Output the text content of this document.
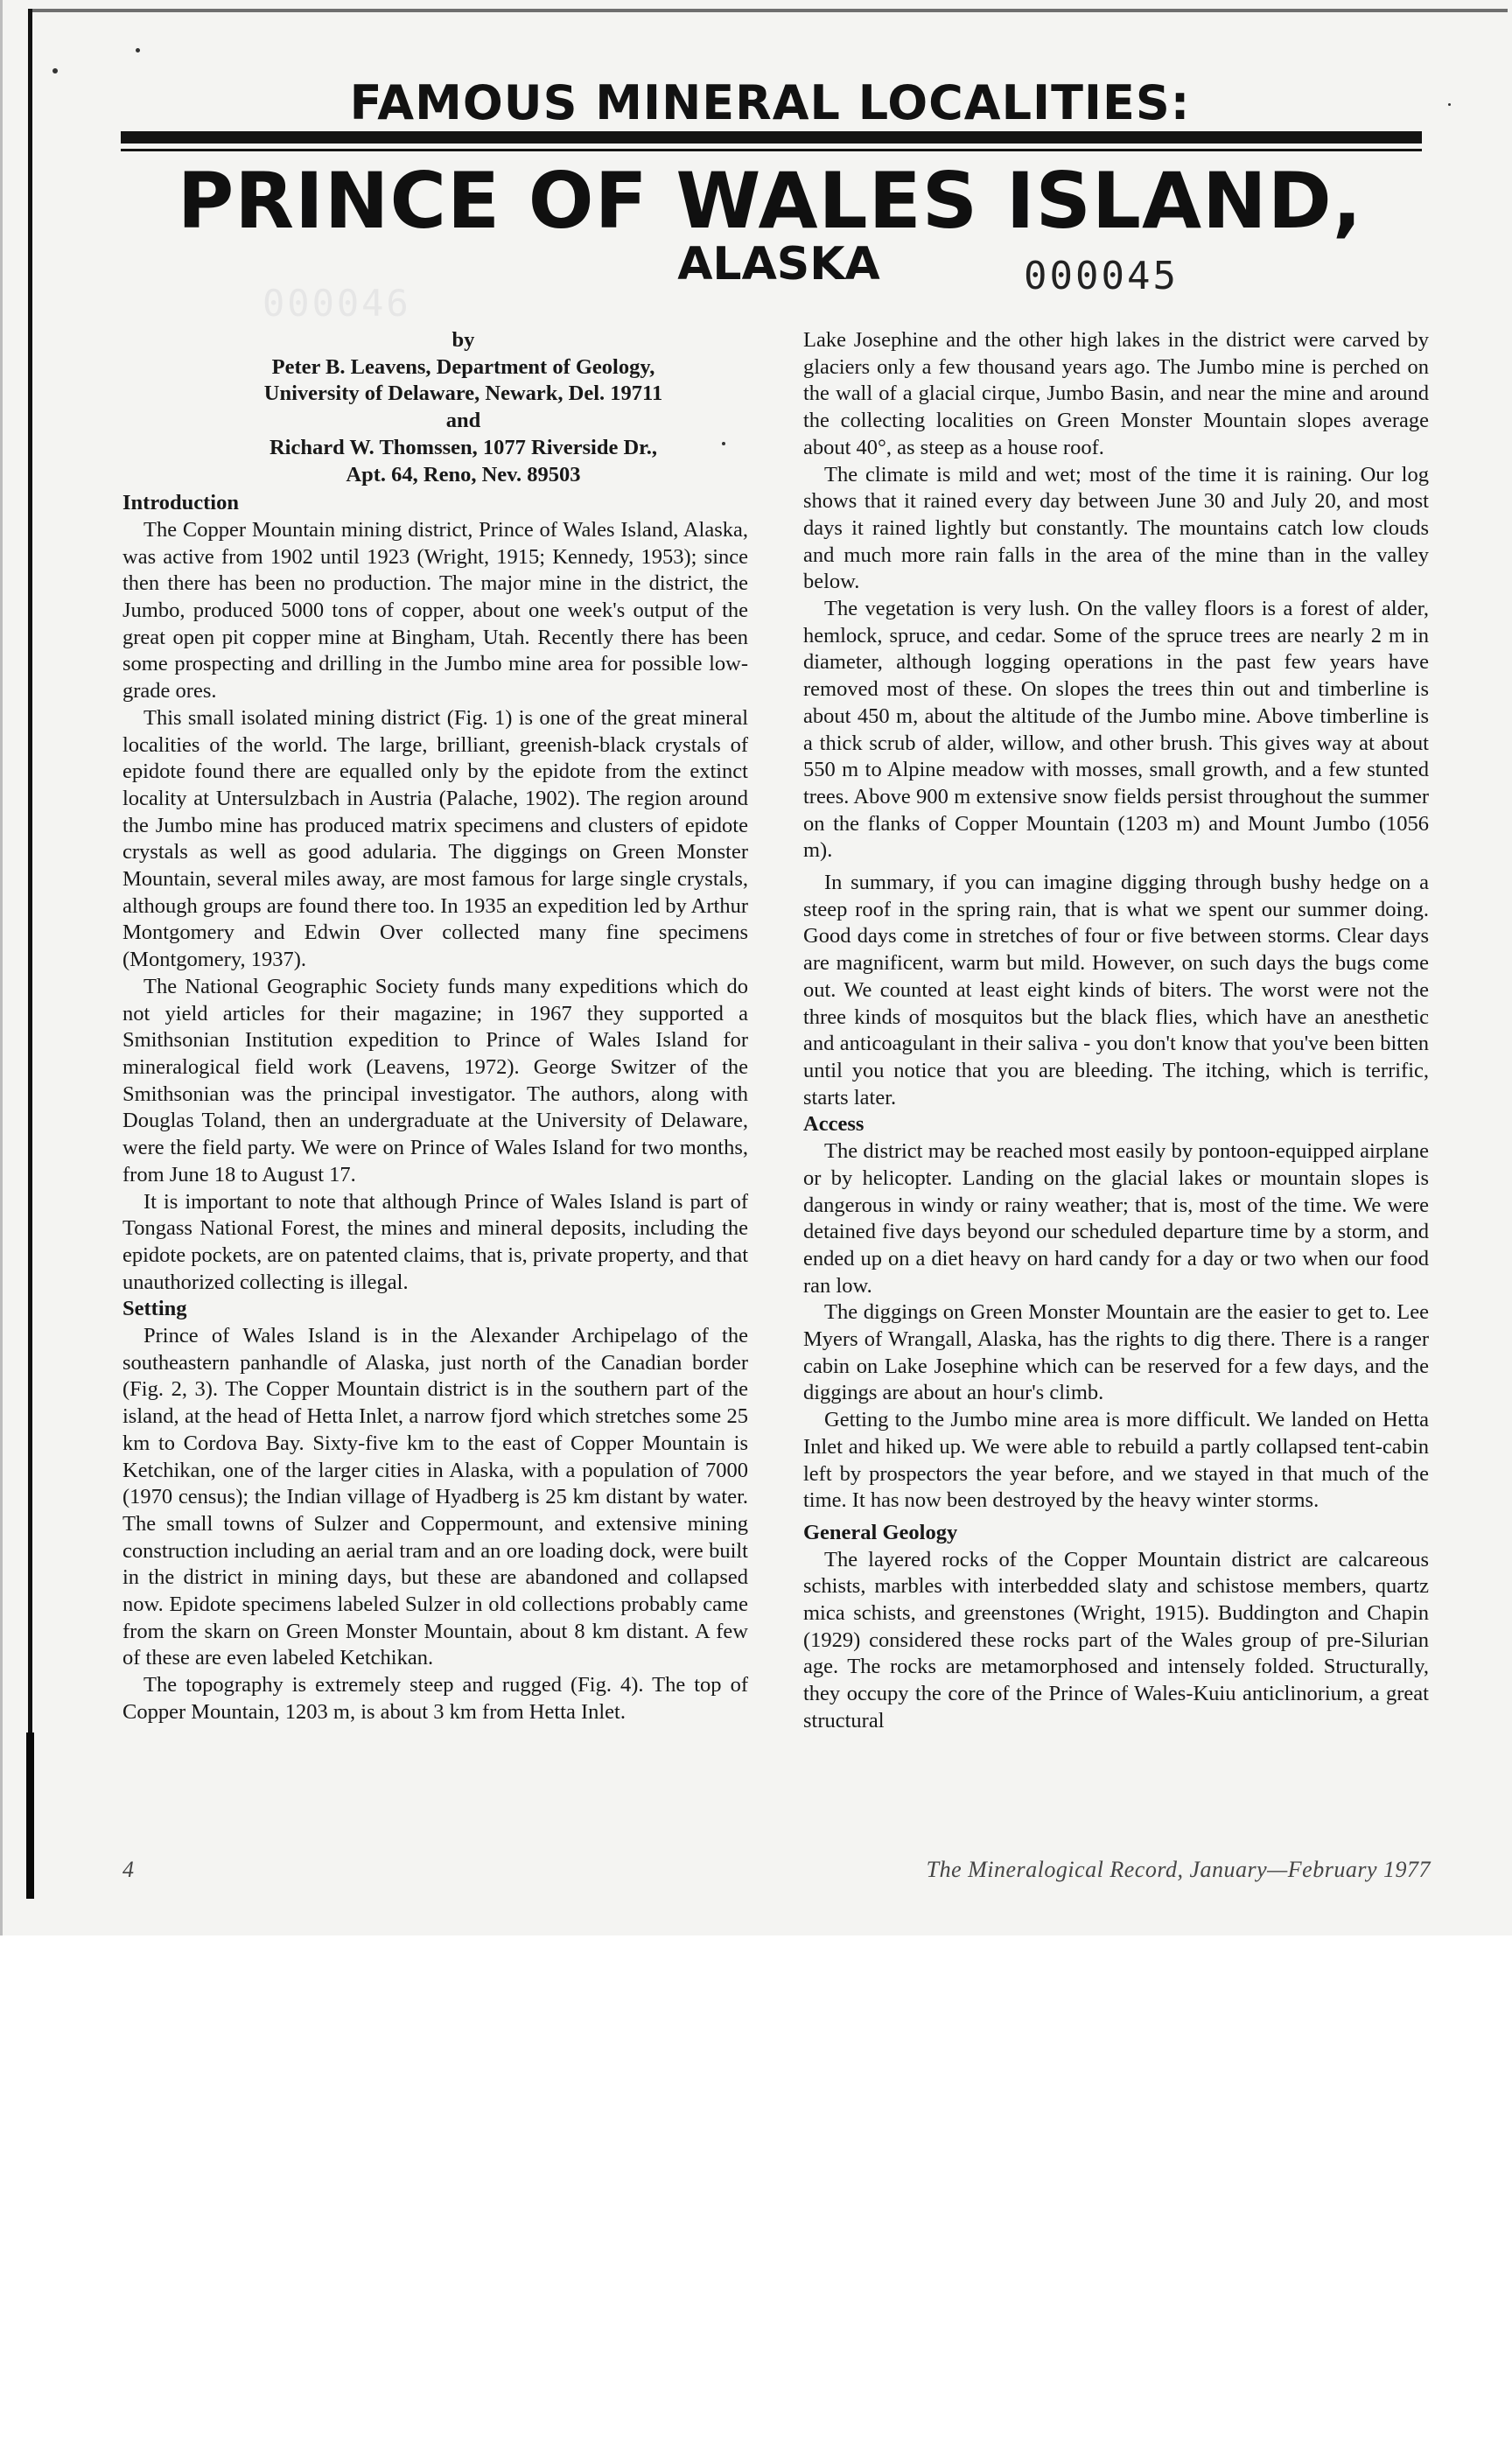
FAMOUS MINERAL LOCALITIES:
PRINCE OF WALES ISLAND,
ALASKA	000045
000046

by

Peter B. Leavens, Department of Geology,

University of Delaware, Newark, Del. 19711

and

Richard W. Thomssen, 1077 Riverside Dr.,

Apt. 64, Reno, Nev. 89503

Introduction

The Copper Mountain mining district, Prince of Wales Island, Alaska, was active from 1902 until 1923 (Wright, 1915; Kennedy, 1953); since then there has been no production. The major mine in the district, the Jumbo, produced 5000 tons of copper, about one week's output of the great open pit copper mine at Bingham, Utah. Recently there has been some prospecting and drilling in the Jumbo mine area for possible low-grade ores.

This small isolated mining district (Fig. 1) is one of the great mineral localities of the world. The large, brilliant, greenish-black crystals of epidote found there are equalled only by the epidote from the extinct locality at Untersulzbach in Austria (Palache, 1902). The region around the Jumbo mine has produced matrix specimens and clusters of epidote crystals as well as good adularia. The diggings on Green Monster Mountain, several miles away, are most famous for large single crystals, although groups are found there too. In 1935 an expedition led by Arthur Montgomery and Edwin Over collected many fine specimens (Montgomery, 1937).

The National Geographic Society funds many expeditions which do not yield articles for their magazine; in 1967 they supported a Smithsonian Institution expedition to Prince of Wales Island for mineralogical field work (Leavens, 1972). George Switzer of the Smithsonian was the principal investigator. The authors, along with Douglas Toland, then an undergraduate at the University of Delaware, were the field party. We were on Prince of Wales Island for two months, from June 18 to August 17.

It is important to note that although Prince of Wales Island is part of Tongass National Forest, the mines and mineral deposits, including the epidote pockets, are on patented claims, that is, private property, and that unauthorized collecting is illegal.

Setting

Prince of Wales Island is in the Alexander Archipelago of the southeastern panhandle of Alaska, just north of the Canadian border (Fig. 2, 3). The Copper Mountain district is in the southern part of the island, at the head of Hetta Inlet, a narrow fjord which stretches some 25 km to Cordova Bay. Sixty-five km to the east of Copper Mountain is Ketchikan, one of the larger cities in Alaska, with a population of 7000 (1970 census); the Indian village of Hyadberg is 25 km distant by water. The small towns of Sulzer and Coppermount, and extensive mining construction including an aerial tram and an ore loading dock, were built in the district in mining days, but these are abandoned and collapsed now. Epidote specimens labeled Sulzer in old collections probably came from the skarn on Green Monster Mountain, about 8 km distant. A few of these are even labeled Ketchikan.

The topography is extremely steep and rugged (Fig. 4). The top of Copper Mountain, 1203 m, is about 3 km from Hetta Inlet.

Lake Josephine and the other high lakes in the district were carved by glaciers only a few thousand years ago. The Jumbo mine is perched on the wall of a glacial cirque, Jumbo Basin, and near the mine and around the collecting localities on Green Monster Mountain slopes average about 40°, as steep as a house roof.

The climate is mild and wet; most of the time it is raining. Our log shows that it rained every day between June 30 and July 20, and most days it rained lightly but constantly. The mountains catch low clouds and much more rain falls in the area of the mine than in the valley below.

The vegetation is very lush. On the valley floors is a forest of alder, hemlock, spruce, and cedar. Some of the spruce trees are nearly 2 m in diameter, although logging operations in the past few years have removed most of these. On slopes the trees thin out and timberline is about 450 m, about the altitude of the Jumbo mine. Above timberline is a thick scrub of alder, willow, and other brush. This gives way at about 550 m to Alpine meadow with mosses, small growth, and a few stunted trees. Above 900 m extensive snow fields persist throughout the summer on the flanks of Copper Mountain (1203 m) and Mount Jumbo (1056 m).

In summary, if you can imagine digging through bushy hedge on a steep roof in the spring rain, that is what we spent our summer doing. Good days come in stretches of four or five between storms. Clear days are magnificent, warm but mild. However, on such days the bugs come out. We counted at least eight kinds of biters. The worst were not the three kinds of mosquitos but the black flies, which have an anesthetic and anticoagulant in their saliva - you don't know that you've been bitten until you notice that you are bleeding. The itching, which is terrific, starts later.

Access

The district may be reached most easily by pontoon-equipped airplane or by helicopter. Landing on the glacial lakes or mountain slopes is dangerous in windy or rainy weather; that is, most of the time. We were detained five days beyond our scheduled departure time by a storm, and ended up on a diet heavy on hard candy for a day or two when our food ran low.

The diggings on Green Monster Mountain are the easier to get to. Lee Myers of Wrangall, Alaska, has the rights to dig there. There is a ranger cabin on Lake Josephine which can be reserved for a few days, and the diggings are about an hour's climb.

Getting to the Jumbo mine area is more difficult. We landed on Hetta Inlet and hiked up. We were able to rebuild a partly collapsed tent-cabin left by prospectors the year before, and we stayed in that much of the time. It has now been destroyed by the heavy winter storms.

General Geology

The layered rocks of the Copper Mountain district are calcareous schists, marbles with interbedded slaty and schistose members, quartz mica schists, and greenstones (Wright, 1915). Buddington and Chapin (1929) considered these rocks part of the Wales group of pre-Silurian age. The rocks are metamorphosed and intensely folded. Structurally, they occupy the core of the Prince of Wales-Kuiu anticlinorium, a great structural

4	The Mineralogical Record, January—February 1977
